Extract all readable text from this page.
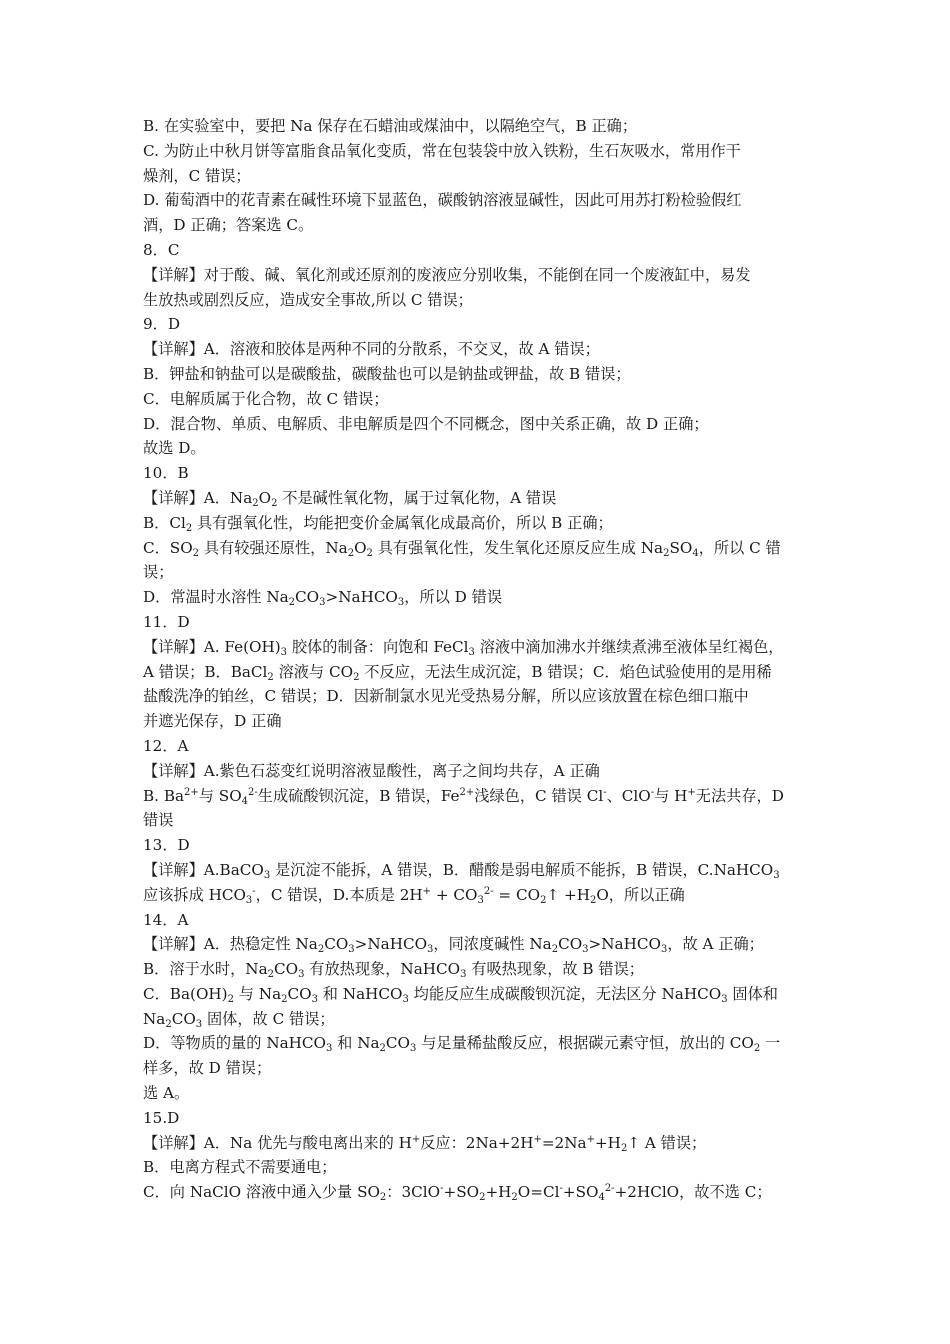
B. 在实验室中，要把 Na 保存在石蜡油或煤油中，以隔绝空气，B 正确；
C. 为防止中秋月饼等富脂食品氧化变质，常在包装袋中放入铁粉，生石灰吸水，常用作干
燥剂，C 错误；
D. 葡萄酒中的花青素在碱性环境下显蓝色，碳酸钠溶液显碱性，因此可用苏打粉检验假红
酒，D 正确；答案选 C。
8．C
【详解】对于酸、碱、氧化剂或还原剂的废液应分别收集，不能倒在同一个废液缸中，易发
生放热或剧烈反应，造成安全事故,所以 C 错误；
9．D
【详解】A．溶液和胶体是两种不同的分散系，不交叉，故 A 错误；
B．钾盐和钠盐可以是碳酸盐，碳酸盐也可以是钠盐或钾盐，故 B 错误；
C．电解质属于化合物，故 C 错误；
D．混合物、单质、电解质、非电解质是四个不同概念，图中关系正确，故 D 正确；
故选 D。
10．B
【详解】A．$Na_2O_2$ 不是碱性氧化物，属于过氧化物，A 错误
B．$Cl_2$ 具有强氧化性，均能把变价金属氧化成最高价，所以 B 正确；
C．$SO_2$ 具有较强还原性，$Na_2O_2$ 具有强氧化性，发生氧化还原反应生成 $Na_2SO_4$，所以 C 错
误；
D．常温时水溶性 $Na_2CO_3>NaHCO_3$，所以 D 错误
11．D
【详解】A. $Fe(OH)_3$ 胶体的制备：向饱和 FeCl$_3$ 溶液中滴加沸水并继续煮沸至液体呈红褐色，
A 错误；B．BaCl$_2$ 溶液与 $CO_2$ 不反应，无法生成沉淀，B 错误；C．焰色试验使用的是用稀
盐酸洗净的铂丝，C 错误；D．因新制氯水见光受热易分解，所以应该放置在棕色细口瓶中
并遮光保存，D 正确
12．A
【详解】A.紫色石蕊变红说明溶液显酸性，离子之间均共存，A 正确
B. $Ba^{2+}$与 $SO_4^{2-}$生成硫酸钡沉淀，B 错误，$Fe^{2+}$浅绿色，C 错误 Cl-、ClO-与 H+无法共存，D
错误
13．D
【详解】A.BaCO$_3$ 是沉淀不能拆，A 错误，B．醋酸是弱电解质不能拆，B 错误，C.NaHCO$_3$
应该拆成 $HCO_3^-$，C 错误，D.本质是 $2H^+ + CO_3^{2-}$ = $CO_2↑ +H_2O$，所以正确
14．A
【详解】A．热稳定性 $Na_2CO_3>NaHCO_3$，同浓度碱性 $Na_2CO_3>NaHCO_3$，故 A 正确；
B．溶于水时，$Na_2CO_3$ 有放热现象，NaHCO$_3$ 有吸热现象，故 B 错误；
C．$Ba(OH)_2$ 与 $Na_2CO_3$ 和 NaHCO$_3$ 均能反应生成碳酸钡沉淀，无法区分 NaHCO$_3$ 固体和
$Na_2CO_3$ 固体，故 C 错误；
D．等物质的量的 NaHCO$_3$ 和 $Na_2CO_3$ 与足量稀盐酸反应，根据碳元素守恒，放出的 $CO_2$ 一
样多，故 D 错误；
选 A。
15.D
【详解】A．Na 优先与酸电离出来的 H+反应：$2Na+2H^+=2Na^++H_2↑$ A 错误；
B．电离方程式不需要通电；
C．向 NaClO 溶液中通入少量 $SO_2$：$3ClO^-+SO_2+H_2O=Cl^-+SO_4^{2-}+2HClO$，故不选 C；
